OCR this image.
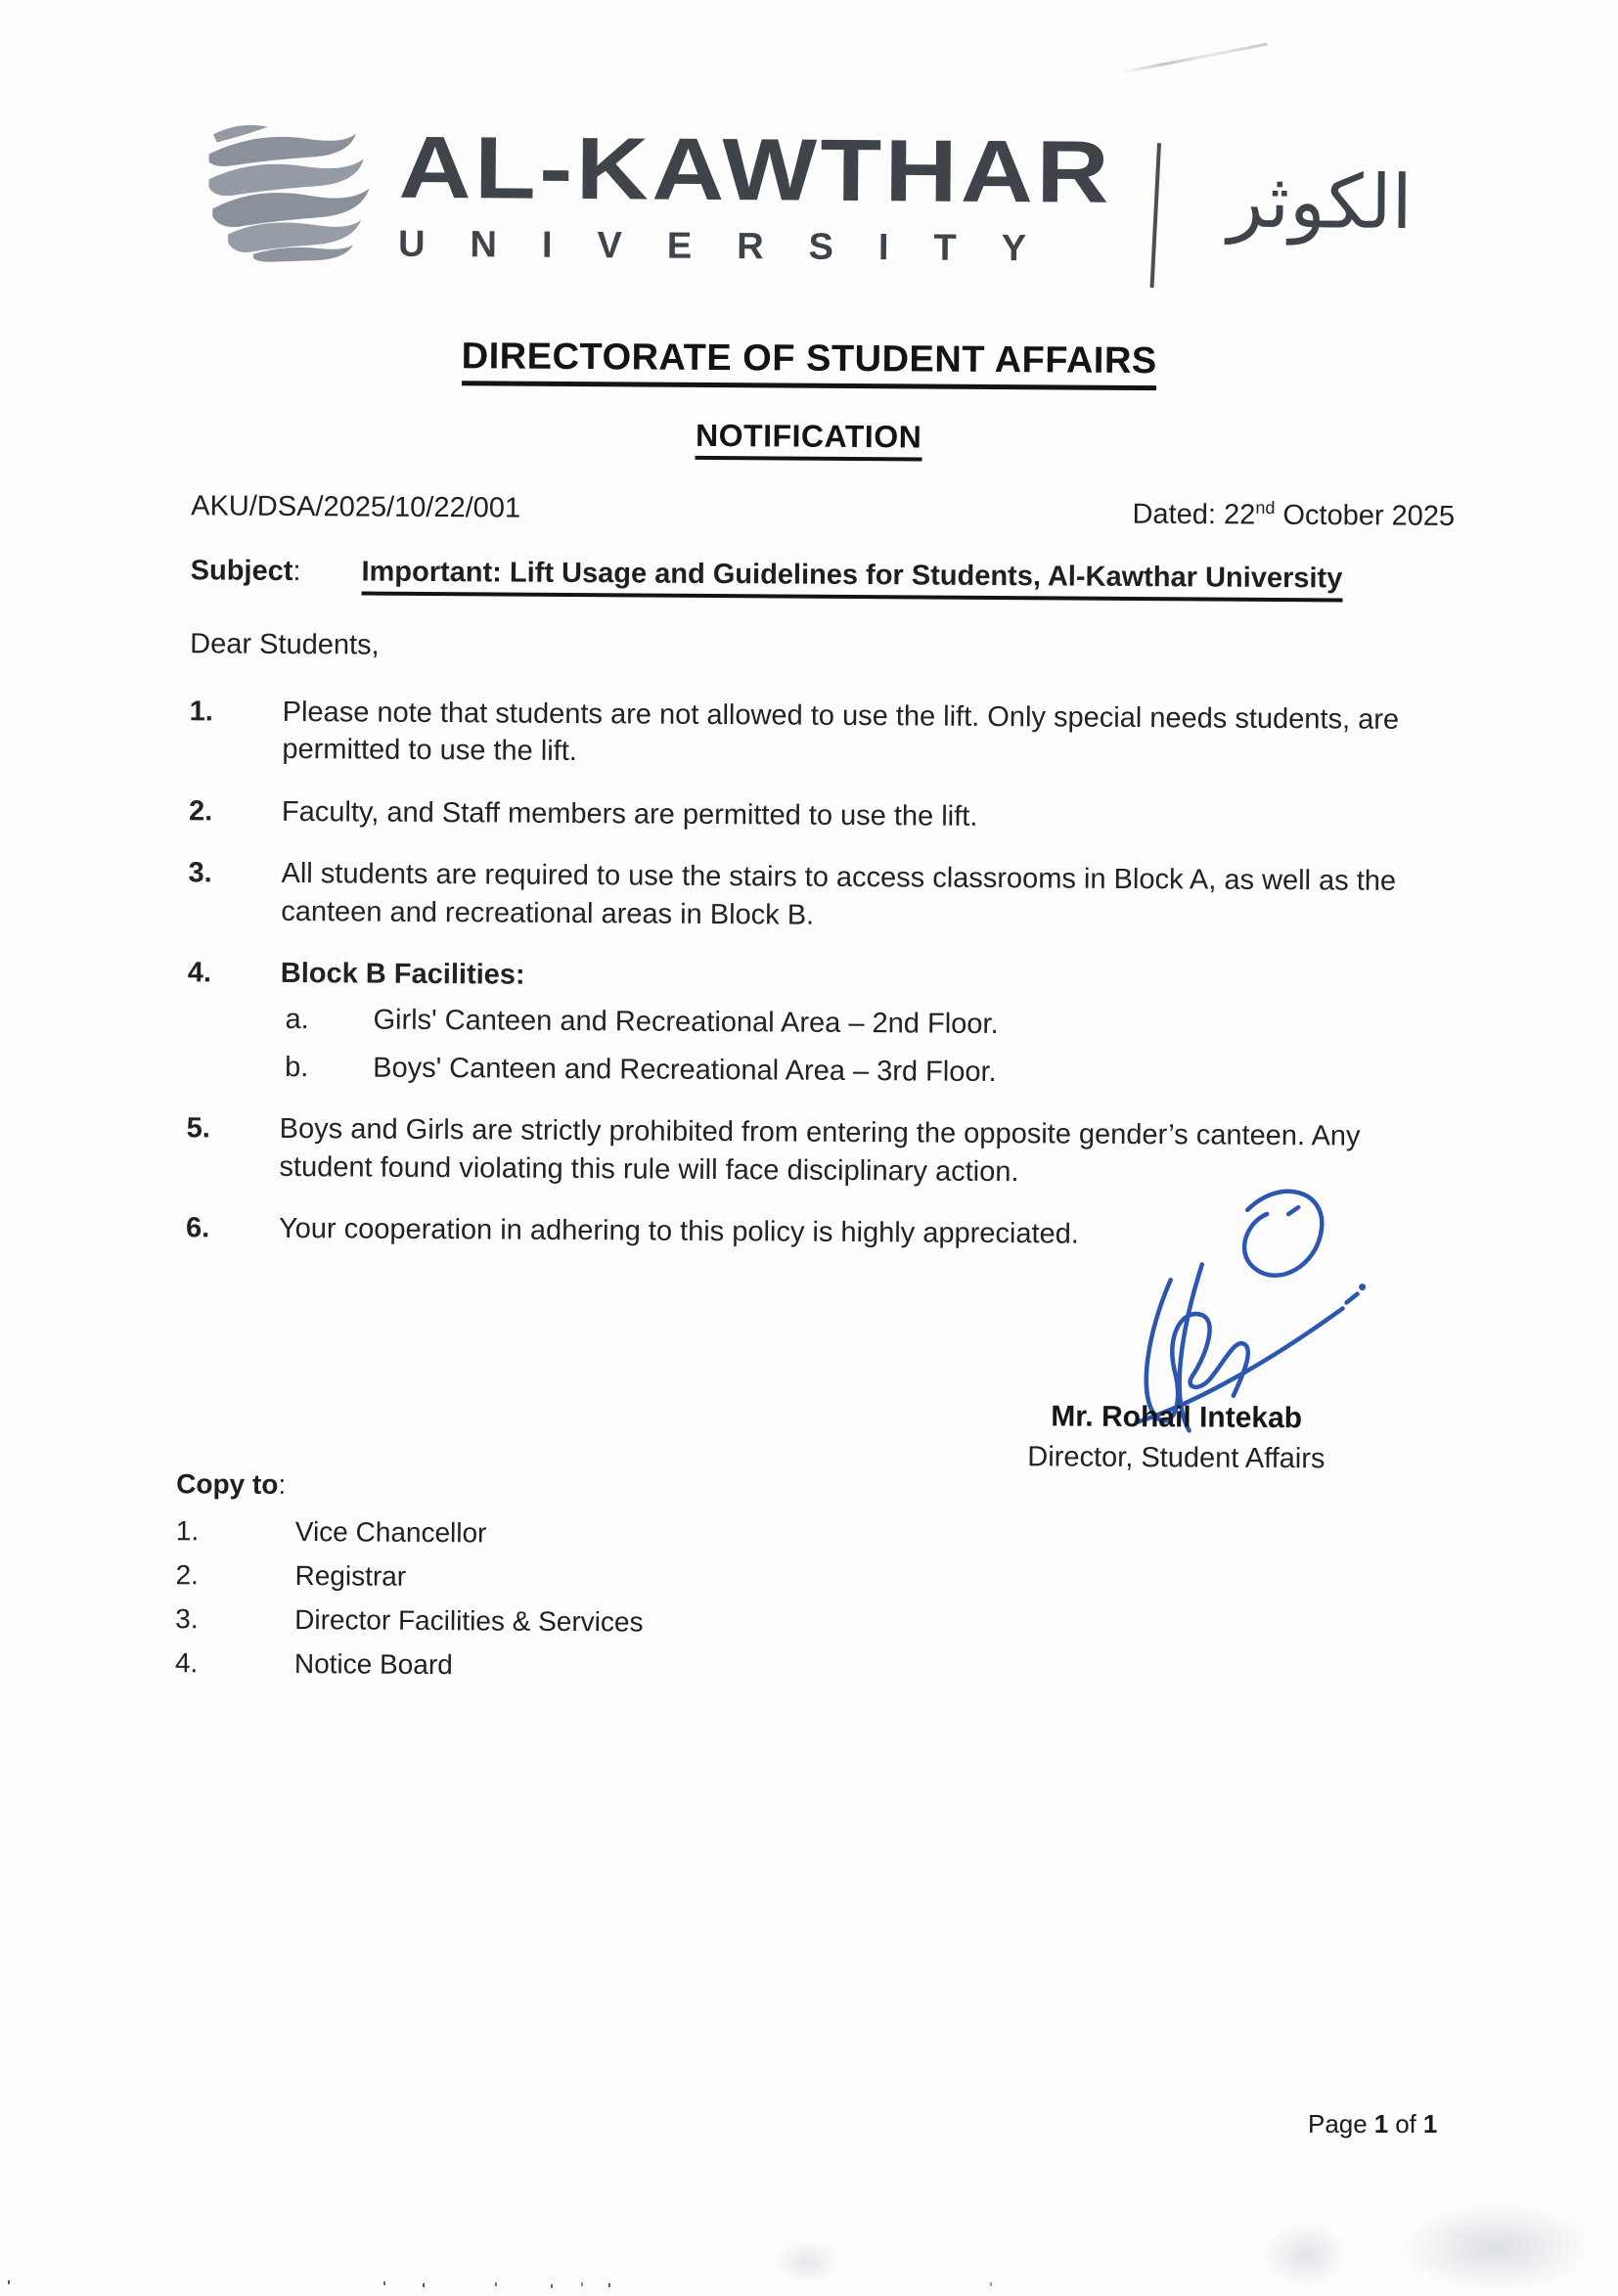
AL-KAWTHAR
UNIVERSITY
الكوثر
DIRECTORATE OF STUDENT AFFAIRS
NOTIFICATION
AKU/DSA/2025/10/22/001	Dated: 22nd October 2025
Subject: Important: Lift Usage and Guidelines for Students, Al-Kawthar University
Dear Students,
1.	Please note that students are not allowed to use the lift. Only special needs students, are permitted to use the lift.
2.	Faculty, and Staff members are permitted to use the lift.
3.	All students are required to use the stairs to access classrooms in Block A, as well as the canteen and recreational areas in Block B.
4.	Block B Facilities:
a.	Girls' Canteen and Recreational Area – 2nd Floor.
b.	Boys' Canteen and Recreational Area – 3rd Floor.
5.	Boys and Girls are strictly prohibited from entering the opposite gender’s canteen. Any student found violating this rule will face disciplinary action.
6.	Your cooperation in adhering to this policy is highly appreciated.
Mr. Rohail Intekab
Director, Student Affairs
Copy to:
1.	Vice Chancellor
2.	Registrar
3.	Director Facilities & Services
4.	Notice Board
Page 1 of 1
